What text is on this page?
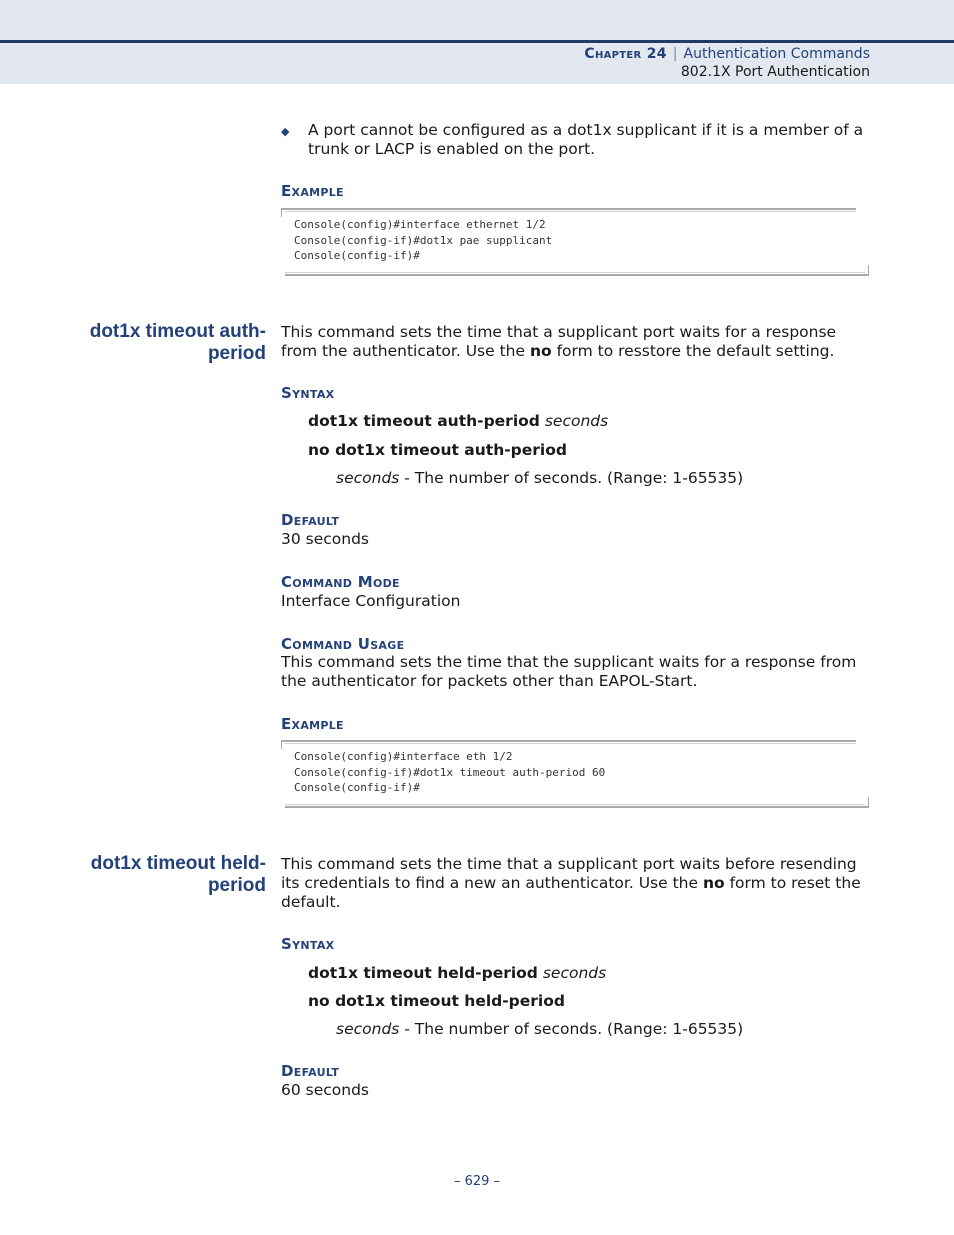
Chapter 24 | Authentication Commands
802.1X Port Authentication
◆ A port cannot be configured as a dot1x supplicant if it is a member of a trunk or LACP is enabled on the port.
Example
Console(config)#interface ethernet 1/2
Console(config-if)#dot1x pae supplicant
Console(config-if)#
dot1x timeout auth-
period
This command sets the time that a supplicant port waits for a response
from the authenticator. Use the no form to resstore the default setting.
Syntax
dot1x timeout auth-period seconds
no dot1x timeout auth-period
seconds - The number of seconds. (Range: 1-65535)
Default
30 seconds
Command Mode
Interface Configuration
Command Usage
This command sets the time that the supplicant waits for a response from
the authenticator for packets other than EAPOL-Start.
Example
Console(config)#interface eth 1/2
Console(config-if)#dot1x timeout auth-period 60
Console(config-if)#
dot1x timeout held-
period
This command sets the time that a supplicant port waits before resending
its credentials to find a new an authenticator. Use the no form to reset the
default.
Syntax
dot1x timeout held-period seconds
no dot1x timeout held-period
seconds - The number of seconds. (Range: 1-65535)
Default
60 seconds
– 629 –
